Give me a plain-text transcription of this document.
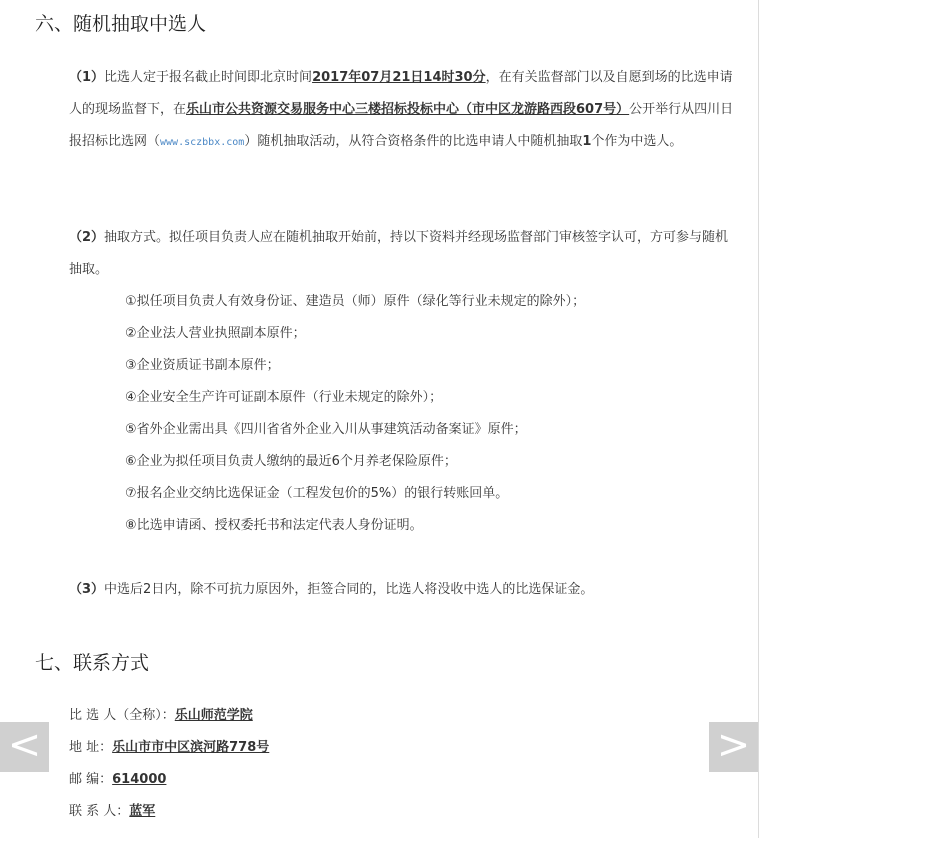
六、随机抽取中选人

（1）比选人定于报名截止时间即北京时间2017年07月21日14时30分，在有关监督部门以及自愿到场的比选申请人的现场监督下，在乐山市公共资源交易服务中心三楼招标投标中心（市中区龙游路西段607号）公开举行从四川日报招标比选网（www.sczbbx.com）随机抽取活动，从符合资格条件的比选申请人中随机抽取1个作为中选人。

（2）抽取方式。拟任项目负责人应在随机抽取开始前，持以下资料并经现场监督部门审核签字认可，方可参与随机抽取。

①拟任项目负责人有效身份证、建造员（师）原件（绿化等行业未规定的除外）；
②企业法人营业执照副本原件；
③企业资质证书副本原件；
④企业安全生产许可证副本原件（行业未规定的除外）；
⑤省外企业需出具《四川省省外企业入川从事建筑活动备案证》原件；
⑥企业为拟任项目负责人缴纳的最近6个月养老保险原件；
⑦报名企业交纳比选保证金（工程发包价的5%）的银行转账回单。
⑧比选申请函、授权委托书和法定代表人身份证明。

（3）中选后2日内，除不可抗力原因外，拒签合同的，比选人将没收中选人的比选保证金。

七、联系方式
比 选 人（全称）：乐山师范学院
地 址：乐山市市中区滨河路778号
邮 编：614000
联 系 人：蓝军
<	>
